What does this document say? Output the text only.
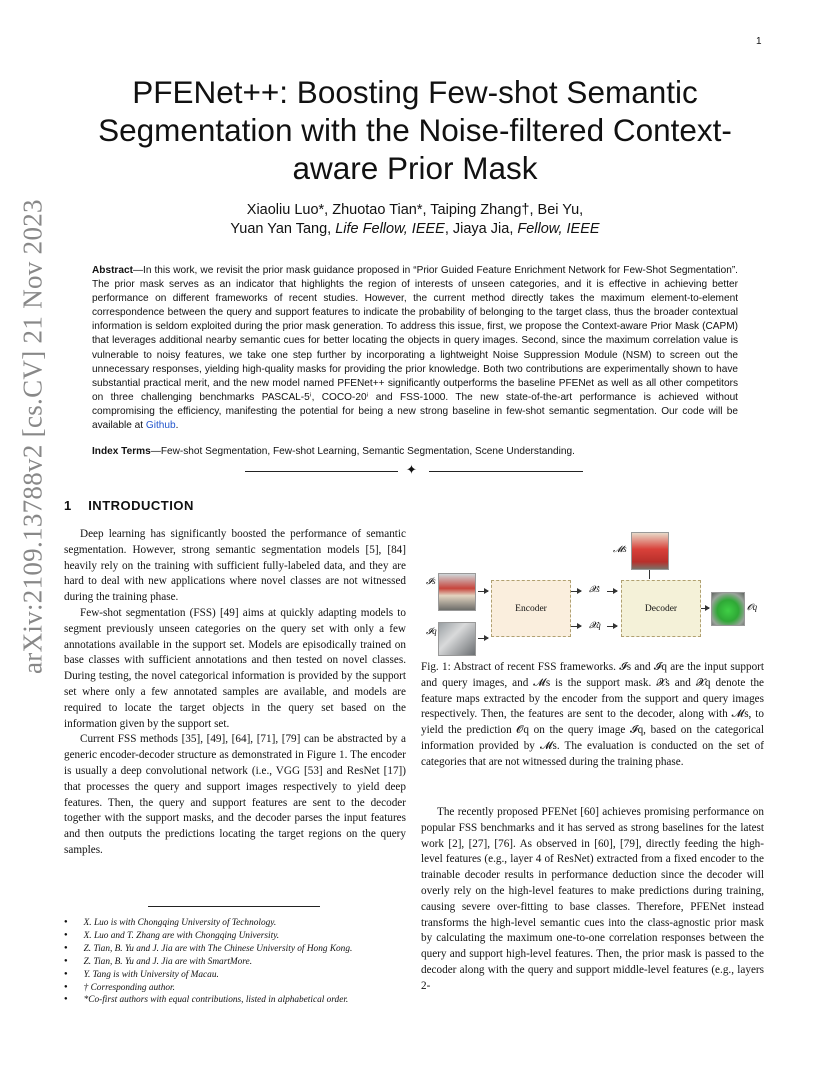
1
arXiv:2109.13788v2 [cs.CV] 21 Nov 2023
PFENet++: Boosting Few-shot Semantic Segmentation with the Noise-filtered Context-aware Prior Mask
Xiaoliu Luo*, Zhuotao Tian*, Taiping Zhang†, Bei Yu,
Yuan Yan Tang, Life Fellow, IEEE, Jiaya Jia, Fellow, IEEE
Abstract—In this work, we revisit the prior mask guidance proposed in “Prior Guided Feature Enrichment Network for Few-Shot Segmentation”. The prior mask serves as an indicator that highlights the region of interests of unseen categories, and it is effective in achieving better performance on different frameworks of recent studies. However, the current method directly takes the maximum element-to-element correspondence between the query and support features to indicate the probability of belonging to the target class, thus the broader contextual information is seldom exploited during the prior mask generation. To address this issue, first, we propose the Context-aware Prior Mask (CAPM) that leverages additional nearby semantic cues for better locating the objects in query images. Second, since the maximum correlation value is vulnerable to noisy features, we take one step further by incorporating a lightweight Noise Suppression Module (NSM) to screen out the unnecessary responses, yielding high-quality masks for providing the prior knowledge. Both two contributions are experimentally shown to have substantial practical merit, and the new model named PFENet++ significantly outperforms the baseline PFENet as well as all other competitors on three challenging benchmarks PASCAL-5ⁱ, COCO-20ⁱ and FSS-1000. The new state-of-the-art performance is achieved without compromising the efficiency, manifesting the potential for being a new strong baseline in few-shot semantic segmentation. Our code will be available at Github.
Index Terms—Few-shot Segmentation, Few-shot Learning, Semantic Segmentation, Scene Understanding.
✦
1 INTRODUCTION

Deep learning has significantly boosted the performance of semantic segmentation. However, strong semantic segmentation models [5], [84] heavily rely on the training with sufficient fully-labeled data, and they are hard to deal with new applications where novel classes are not witnessed during the training phase.

Few-shot segmentation (FSS) [49] aims at quickly adapting models to segment previously unseen categories on the query set with only a few annotations available in the support set. Models are episodically trained on base classes with sufficient annotations and then tested on novel classes. During testing, the novel categorical information is provided by the support set where only a few annotated samples are available, and models are required to locate the target objects in the query set based on the information given by the support set.

Current FSS methods [35], [49], [64], [71], [79] can be abstracted by a generic encoder-decoder structure as demonstrated in Figure 1. The encoder is usually a deep convolutional network (i.e., VGG [53] and ResNet [17]) that processes the query and support images respectively to yield deep features. Then, the query and support features are sent to the decoder together with the support masks, and the decoder parses the input features and then outputs the predictions locating the target regions on the query samples.

● X. Luo is with Chongqing University of Technology.
● X. Luo and T. Zhang are with Chongqing University.
● Z. Tian, B. Yu and J. Jia are with The Chinese University of Hong Kong.
● Z. Tian, B. Yu and J. Jia are with SmartMore.
● Y. Tang is with University of Macau.
● † Corresponding author.
● *Co-first authors with equal contributions, listed in alphabetical order.
𝓜s
𝓘s
𝓘q
Encoder
𝓧s
𝓧q
Decoder	𝓞q
Fig. 1: Abstract of recent FSS frameworks. 𝓘s and 𝓘q are the input support and query images, and 𝓜s is the support mask. 𝓧s and 𝓧q denote the feature maps extracted by the encoder from the support and query images respectively. Then, the features are sent to the decoder, along with 𝓜s, to yield the prediction 𝓞q on the query image 𝓘q, based on the categorical information provided by 𝓜s. The evaluation is conducted on the set of categories that are not witnessed during the training phase.

The recently proposed PFENet [60] achieves promising performance on popular FSS benchmarks and it has served as strong baselines for the latest work [2], [27], [76]. As observed in [60], [79], directly feeding the high-level features (e.g., layer 4 of ResNet) extracted from a fixed encoder to the trainable decoder results in performance deduction since the decoder will overly rely on the high-level features to make predictions during training, causing severe over-fitting to base classes. Therefore, PFENet instead transforms the high-level semantic cues into the class-agnostic prior mask by calculating the maximum one-to-one correlation responses between the query and support high-level features. Then, the prior mask is passed to the decoder along with the query and support middle-level features (e.g., layers 2-
